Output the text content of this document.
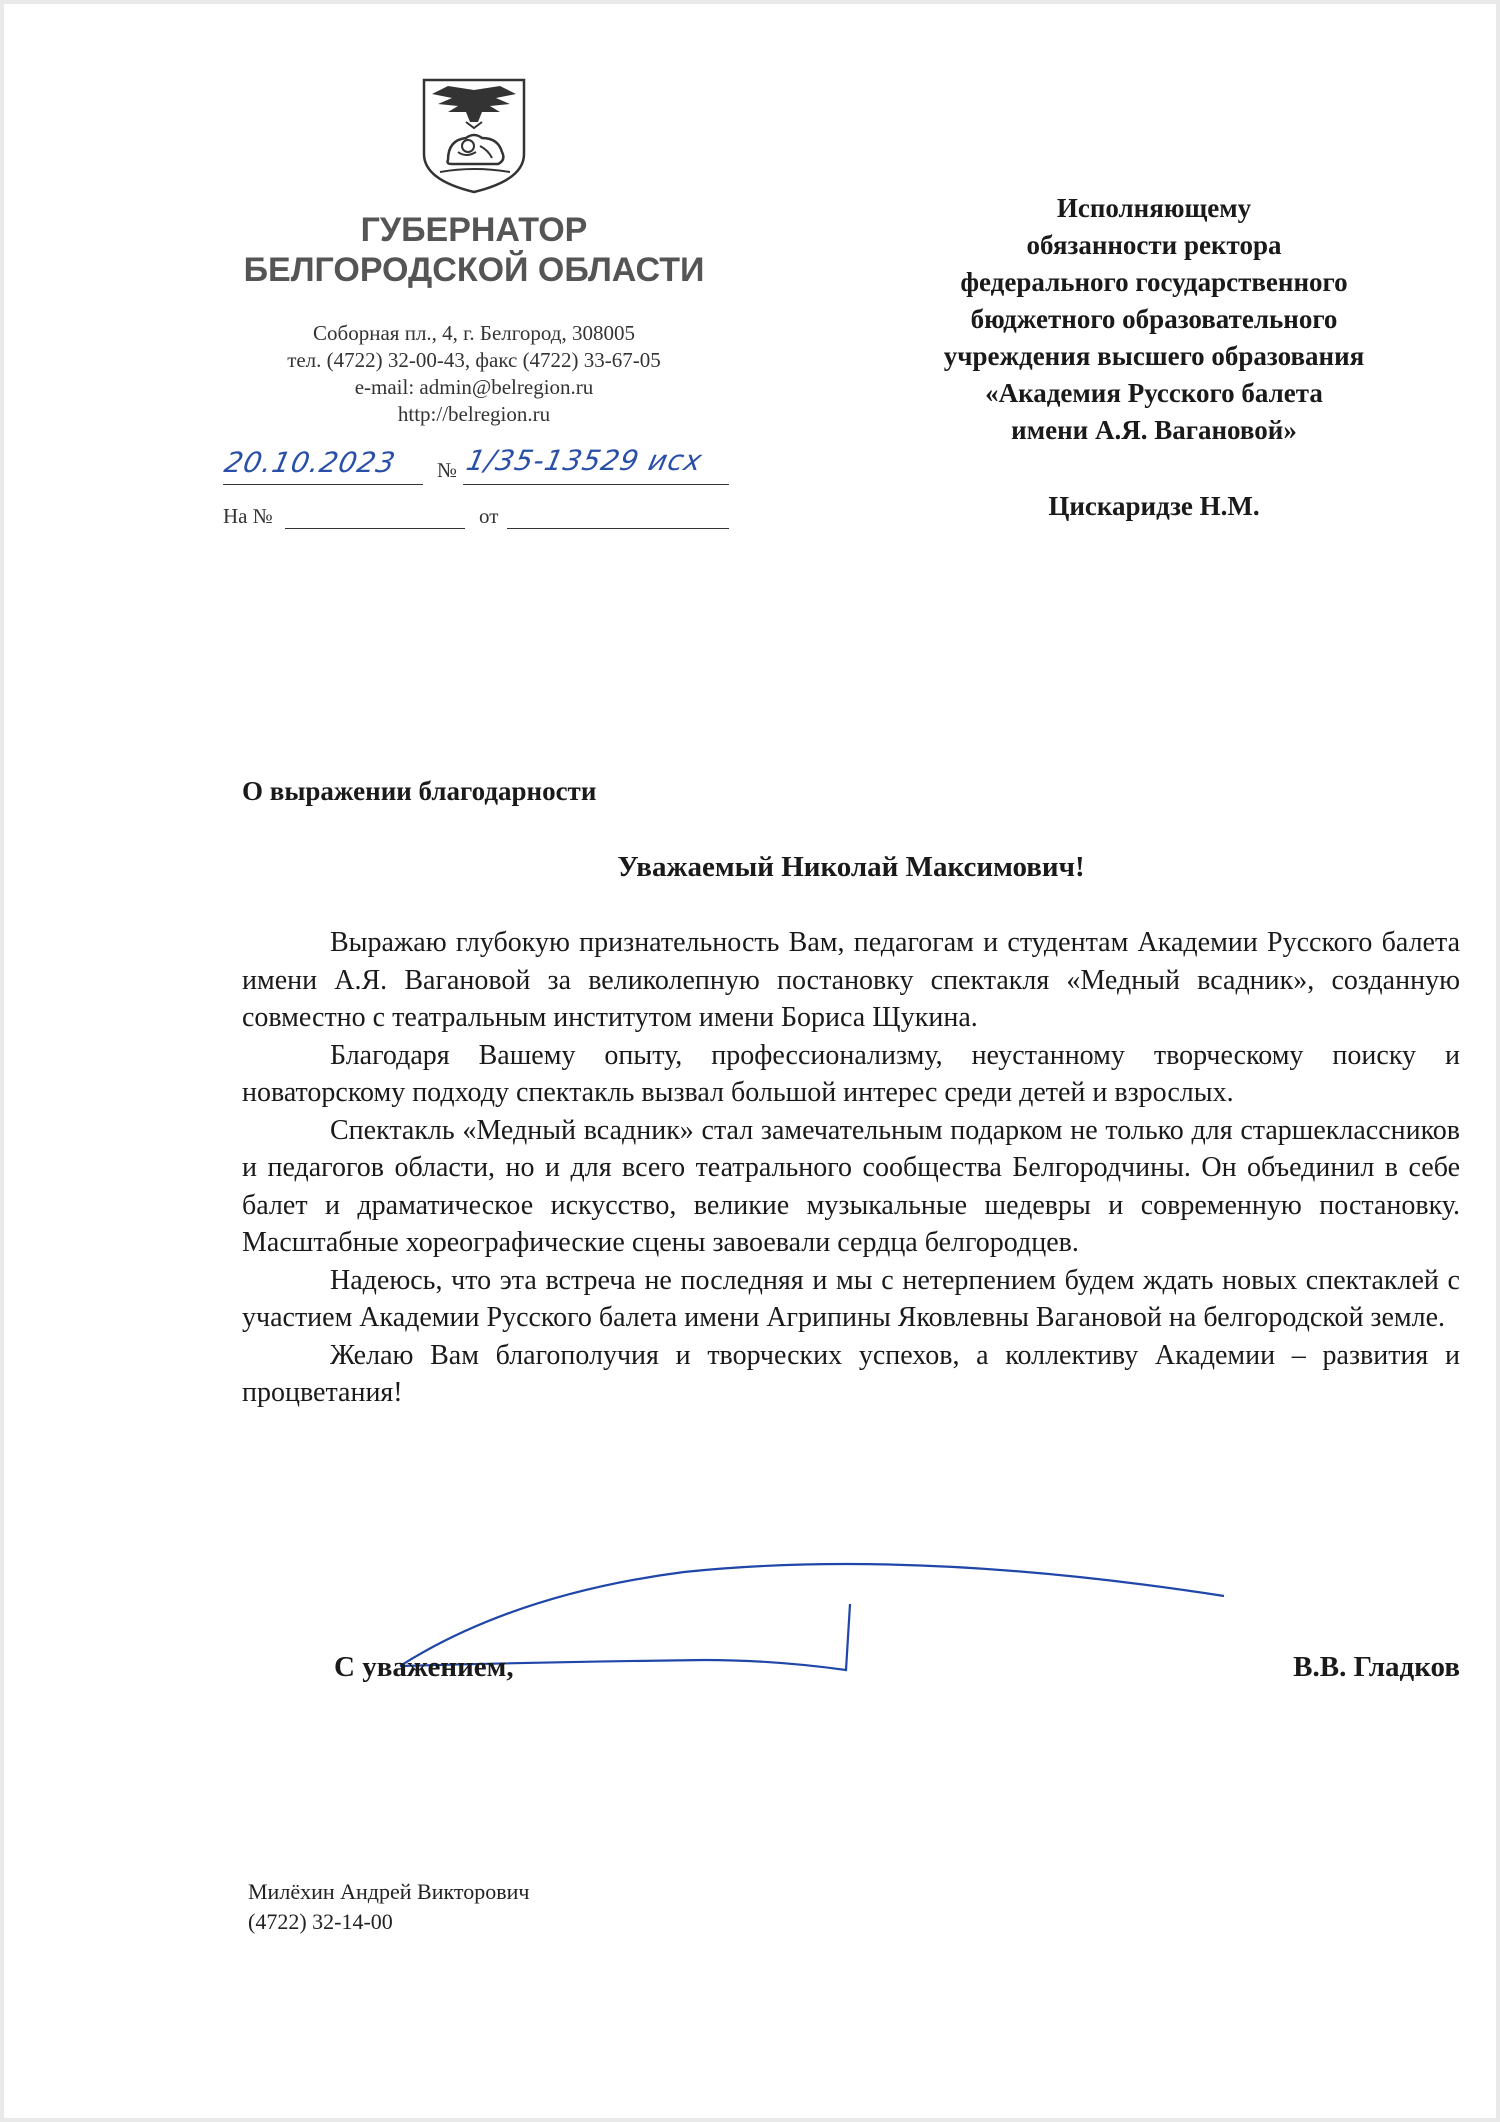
ГУБЕРНАТОР
БЕЛГОРОДСКОЙ ОБЛАСТИ
Соборная пл., 4, г. Белгород, 308005
тел. (4722) 32-00-43, факс (4722) 33-67-05
e-mail: admin@belregion.ru
http://belregion.ru
20.10.2023 № 1/35-13529 исх
На №	от
Исполняющему
обязанности ректора
федерального государственного
бюджетного образовательного
учреждения высшего образования
«Академия Русского балета
имени А.Я. Вагановой»
Цискаридзе Н.М.
О выражении благодарности
Уважаемый Николай Максимович!

Выражаю глубокую признательность Вам, педагогам и студентам Академии Русского балета имени А.Я. Вагановой за великолепную постановку спектакля «Медный всадник», созданную совместно с театральным институтом имени Бориса Щукина.

Благодаря Вашему опыту, профессионализму, неустанному творческому поиску и новаторскому подходу спектакль вызвал большой интерес среди детей и взрослых.

Спектакль «Медный всадник» стал замечательным подарком не только для старшеклассников и педагогов области, но и для всего театрального сообщества Белгородчины. Он объединил в себе балет и драматическое искусство, великие музыкальные шедевры и современную постановку. Масштабные хореографические сцены завоевали сердца белгородцев.

Надеюсь, что эта встреча не последняя и мы с нетерпением будем ждать новых спектаклей с участием Академии Русского балета имени Агрипины Яковлевны Вагановой на белгородской земле.

Желаю Вам благополучия и творческих успехов, а коллективу Академии – развития и процветания!

С уважением,	В.В. Гладков
Милёхин Андрей Викторович
(4722) 32-14-00
